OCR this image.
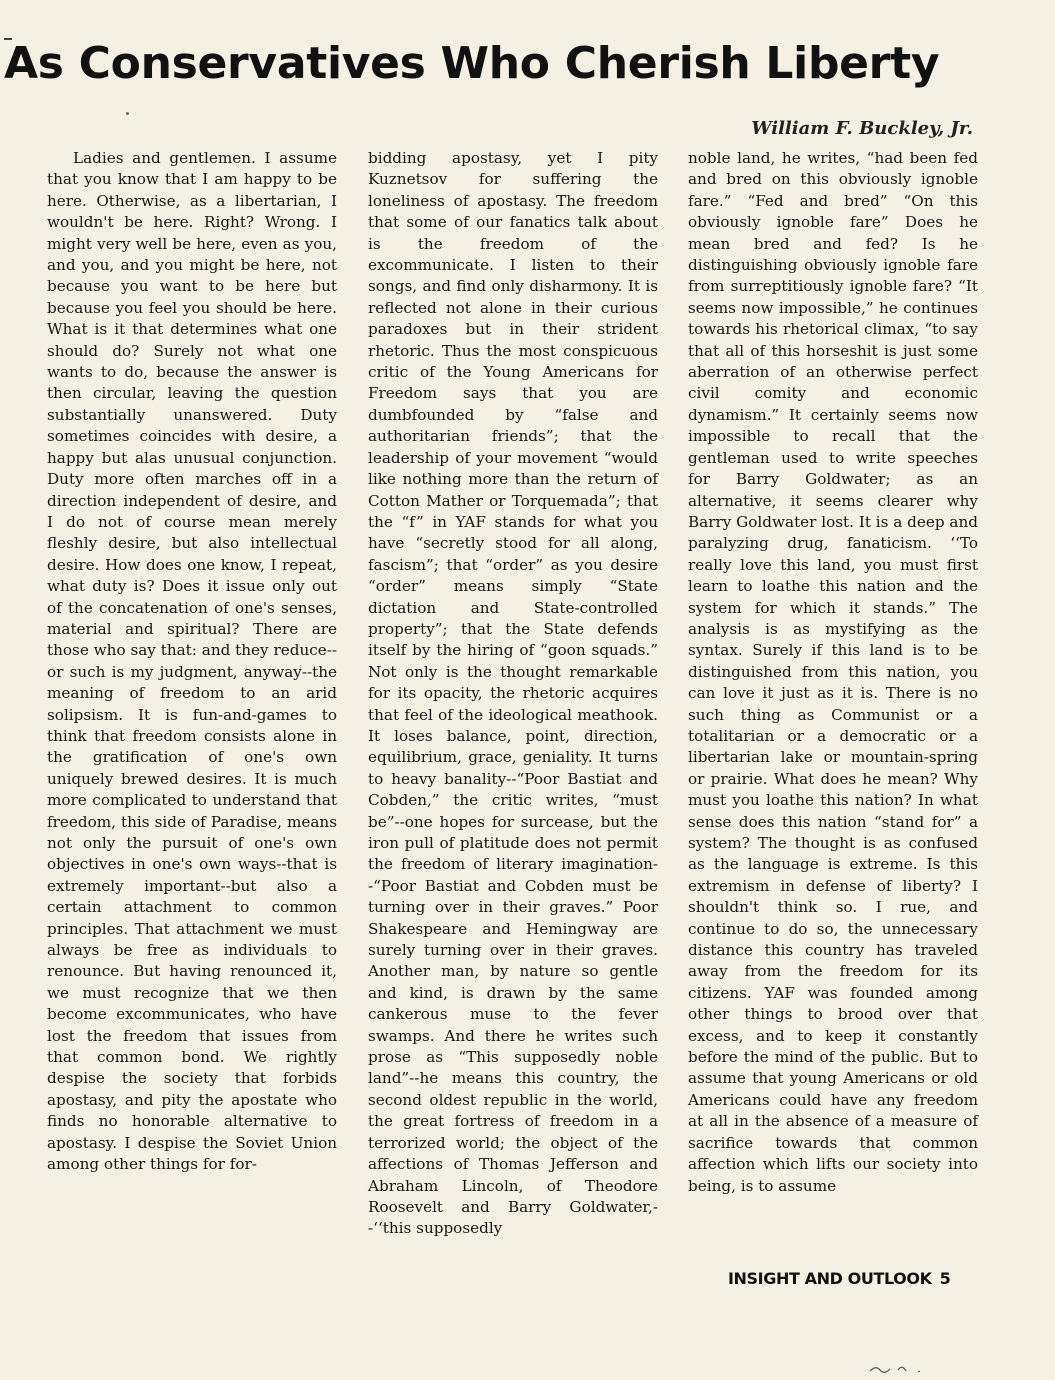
As Conservatives Who Cherish Liberty
William F. Buckley, Jr.

Ladies and gentlemen. I assume that you know that I am happy to be here. Otherwise, as a libertarian, I wouldn't be here. Right? Wrong. I might very well be here, even as you, and you, and you might be here, not because you want to be here but because you feel you should be here. What is it that determines what one should do? Surely not what one wants to do, because the answer is then circular, leaving the question substantially unanswered. Duty sometimes coincides with desire, a happy but alas unusual conjunction. Duty more often marches off in a direction independent of desire, and I do not of course mean merely fleshly desire, but also intellectual desire. How does one know, I repeat, what duty is? Does it issue only out of the concatenation of one's senses, material and spiritual? There are those who say that: and they reduce--or such is my judgment, anyway--the meaning of freedom to an arid solipsism. It is fun-and-games to think that freedom consists alone in the gratification of one's own uniquely brewed desires. It is much more complicated to understand that freedom, this side of Paradise, means not only the pursuit of one's own objectives in one's own ways--that is extremely important--but also a certain attachment to common principles. That attachment we must always be free as individuals to renounce. But having renounced it, we must recognize that we then become excommunicates, who have lost the freedom that issues from that common bond. We rightly despise the society that forbids apostasy, and pity the apostate who finds no honorable alternative to apostasy. I despise the Soviet Union among other things for for-

bidding apostasy, yet I pity Kuznetsov for suffering the loneliness of apostasy. The freedom that some of our fanatics talk about is the freedom of the excommunicate. I listen to their songs, and find only disharmony. It is reflected not alone in their curious paradoxes but in their strident rhetoric. Thus the most conspicuous critic of the Young Americans for Freedom says that you are dumbfounded by “false and authoritarian friends”; that the leadership of your movement “would like nothing more than the return of Cotton Mather or Torquemada”; that the “f” in YAF stands for what you have “secretly stood for all along, fascism”; that “order” as you desire “order” means simply “State dictation and State-controlled property”; that the State defends itself by the hiring of “goon squads.” Not only is the thought remarkable for its opacity, the rhetoric acquires that feel of the ideological meathook. It loses balance, point, direction, equilibrium, grace, geniality. It turns to heavy banality--“Poor Bastiat and Cobden,” the critic writes, “must be”--one hopes for surcease, but the iron pull of platitude does not permit the freedom of literary imagination--“Poor Bastiat and Cobden must be turning over in their graves.” Poor Shakespeare and Hemingway are surely turning over in their graves. Another man, by nature so gentle and kind, is drawn by the same cankerous muse to the fever swamps. And there he writes such prose as “This supposedly noble land”--he means this country, the second oldest republic in the world, the great fortress of freedom in a terrorized world; the object of the affections of Thomas Jefferson and Abraham Lincoln, of Theodore Roosevelt and Barry Goldwater,--‘‘this supposedly

noble land, he writes, “had been fed and bred on this obviously ignoble fare.” “Fed and bred” “On this obviously ignoble fare” Does he mean bred and fed? Is he distinguishing obviously ignoble fare from surreptitiously ignoble fare? “It seems now impossible,” he continues towards his rhetorical climax, “to say that all of this horseshit is just some aberration of an otherwise perfect civil comity and economic dynamism.” It certainly seems now impossible to recall that the gentleman used to write speeches for Barry Goldwater; as an alternative, it seems clearer why Barry Goldwater lost. It is a deep and paralyzing drug, fanaticism. ‘‘To really love this land, you must first learn to loathe this nation and the system for which it stands.” The analysis is as mystifying as the syntax. Surely if this land is to be distinguished from this nation, you can love it just as it is. There is no such thing as Communist or a totalitarian or a democratic or a libertarian lake or mountain-spring or prairie. What does he mean? Why must you loathe this nation? In what sense does this nation “stand for” a system? The thought is as confused as the language is extreme. Is this extremism in defense of liberty? I shouldn't think so. I rue, and continue to do so, the unnecessary distance this country has traveled away from the freedom for its citizens. YAF was founded among other things to brood over that excess, and to keep it constantly before the mind of the public. But to assume that young Americans or old Americans could have any freedom at all in the absence of a measure of sacrifice towards that common affection which lifts our society into being, is to assume

INSIGHT AND OUTLOOK 5
